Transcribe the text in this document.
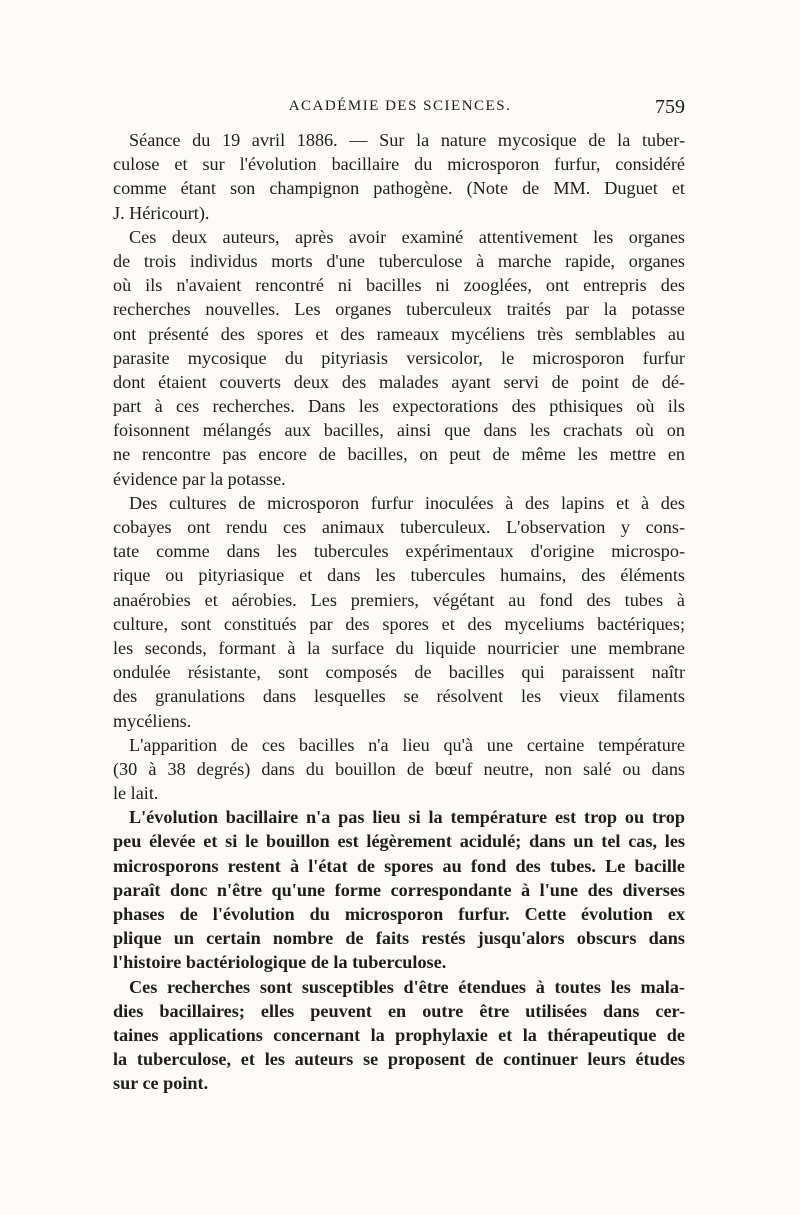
ACADÉMIE DES SCIENCES.	759
Séance du 19 avril 1886. — Sur la nature mycosique de la tuber-
culose et sur l'évolution bacillaire du microsporon furfur, considéré
comme étant son champignon pathogène. (Note de MM. Duguet et
J. Héricourt).
Ces deux auteurs, après avoir examiné attentivement les organes
de trois individus morts d'une tuberculose à marche rapide, organes
où ils n'avaient rencontré ni bacilles ni zooglées, ont entrepris des
recherches nouvelles. Les organes tuberculeux traités par la potasse
ont présenté des spores et des rameaux mycéliens très semblables au
parasite mycosique du pityriasis versicolor, le microsporon furfur
dont étaient couverts deux des malades ayant servi de point de dé-
part à ces recherches. Dans les expectorations des pthisiques où ils
foisonnent mélangés aux bacilles, ainsi que dans les crachats où on
ne rencontre pas encore de bacilles, on peut de même les mettre en
évidence par la potasse.
Des cultures de microsporon furfur inoculées à des lapins et à des
cobayes ont rendu ces animaux tuberculeux. L'observation y cons-
tate comme dans les tubercules expérimentaux d'origine microspo-
rique ou pityriasique et dans les tubercules humains, des éléments
anaérobies et aérobies. Les premiers, végétant au fond des tubes à
culture, sont constitués par des spores et des myceliums bactériques;
les seconds, formant à la surface du liquide nourricier une membrane
ondulée résistante, sont composés de bacilles qui paraissent naîtr
des granulations dans lesquelles se résolvent les vieux filaments
mycéliens.
L'apparition de ces bacilles n'a lieu qu'à une certaine température
(30 à 38 degrés) dans du bouillon de bœuf neutre, non salé ou dans
le lait.
L'évolution bacillaire n'a pas lieu si la température est trop ou trop
peu élevée et si le bouillon est légèrement acidulé; dans un tel cas, les
microsporons restent à l'état de spores au fond des tubes. Le bacille
paraît donc n'être qu'une forme correspondante à l'une des diverses
phases de l'évolution du microsporon furfur. Cette évolution ex
plique un certain nombre de faits restés jusqu'alors obscurs dans
l'histoire bactériologique de la tuberculose.
Ces recherches sont susceptibles d'être étendues à toutes les mala-
dies bacillaires; elles peuvent en outre être utilisées dans cer-
taines applications concernant la prophylaxie et la thérapeutique de
la tuberculose, et les auteurs se proposent de continuer leurs études
sur ce point.
